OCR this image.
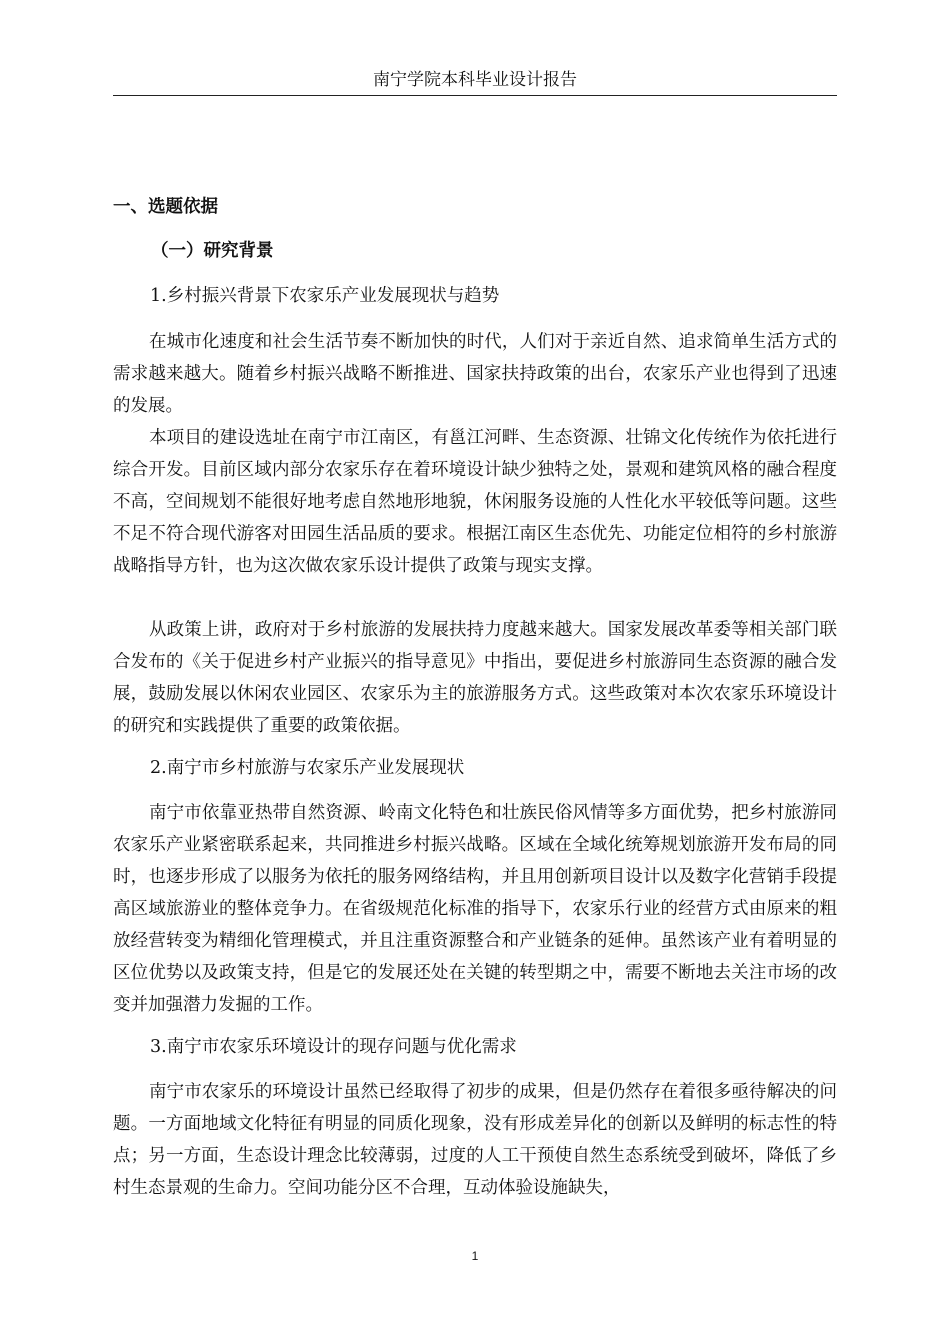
南宁学院本科毕业设计报告
一、选题依据
（一）研究背景
1.乡村振兴背景下农家乐产业发展现状与趋势

在城市化速度和社会生活节奏不断加快的时代，人们对于亲近自然、追求简单生活方式的需求越来越大。随着乡村振兴战略不断推进、国家扶持政策的出台，农家乐产业也得到了迅速的发展。

本项目的建设选址在南宁市江南区，有邕江河畔、生态资源、壮锦文化传统作为依托进行综合开发。目前区域内部分农家乐存在着环境设计缺少独特之处，景观和建筑风格的融合程度不高，空间规划不能很好地考虑自然地形地貌，休闲服务设施的人性化水平较低等问题。这些不足不符合现代游客对田园生活品质的要求。根据江南区生态优先、功能定位相符的乡村旅游战略指导方针，也为这次做农家乐设计提供了政策与现实支撑。

从政策上讲，政府对于乡村旅游的发展扶持力度越来越大。国家发展改革委等相关部门联合发布的《关于促进乡村产业振兴的指导意见》中指出，要促进乡村旅游同生态资源的融合发展，鼓励发展以休闲农业园区、农家乐为主的旅游服务方式。这些政策对本次农家乐环境设计的研究和实践提供了重要的政策依据。

2.南宁市乡村旅游与农家乐产业发展现状

南宁市依靠亚热带自然资源、岭南文化特色和壮族民俗风情等多方面优势，把乡村旅游同农家乐产业紧密联系起来，共同推进乡村振兴战略。区域在全域化统筹规划旅游开发布局的同时，也逐步形成了以服务为依托的服务网络结构，并且用创新项目设计以及数字化营销手段提高区域旅游业的整体竞争力。在省级规范化标准的指导下，农家乐行业的经营方式由原来的粗放经营转变为精细化管理模式，并且注重资源整合和产业链条的延伸。虽然该产业有着明显的区位优势以及政策支持，但是它的发展还处在关键的转型期之中，需要不断地去关注市场的改变并加强潜力发掘的工作。

3.南宁市农家乐环境设计的现存问题与优化需求

南宁市农家乐的环境设计虽然已经取得了初步的成果，但是仍然存在着很多亟待解决的问题。一方面地域文化特征有明显的同质化现象，没有形成差异化的创新以及鲜明的标志性的特点；另一方面，生态设计理念比较薄弱，过度的人工干预使自然生态系统受到破坏，降低了乡村生态景观的生命力。空间功能分区不合理，互动体验设施缺失，

1
